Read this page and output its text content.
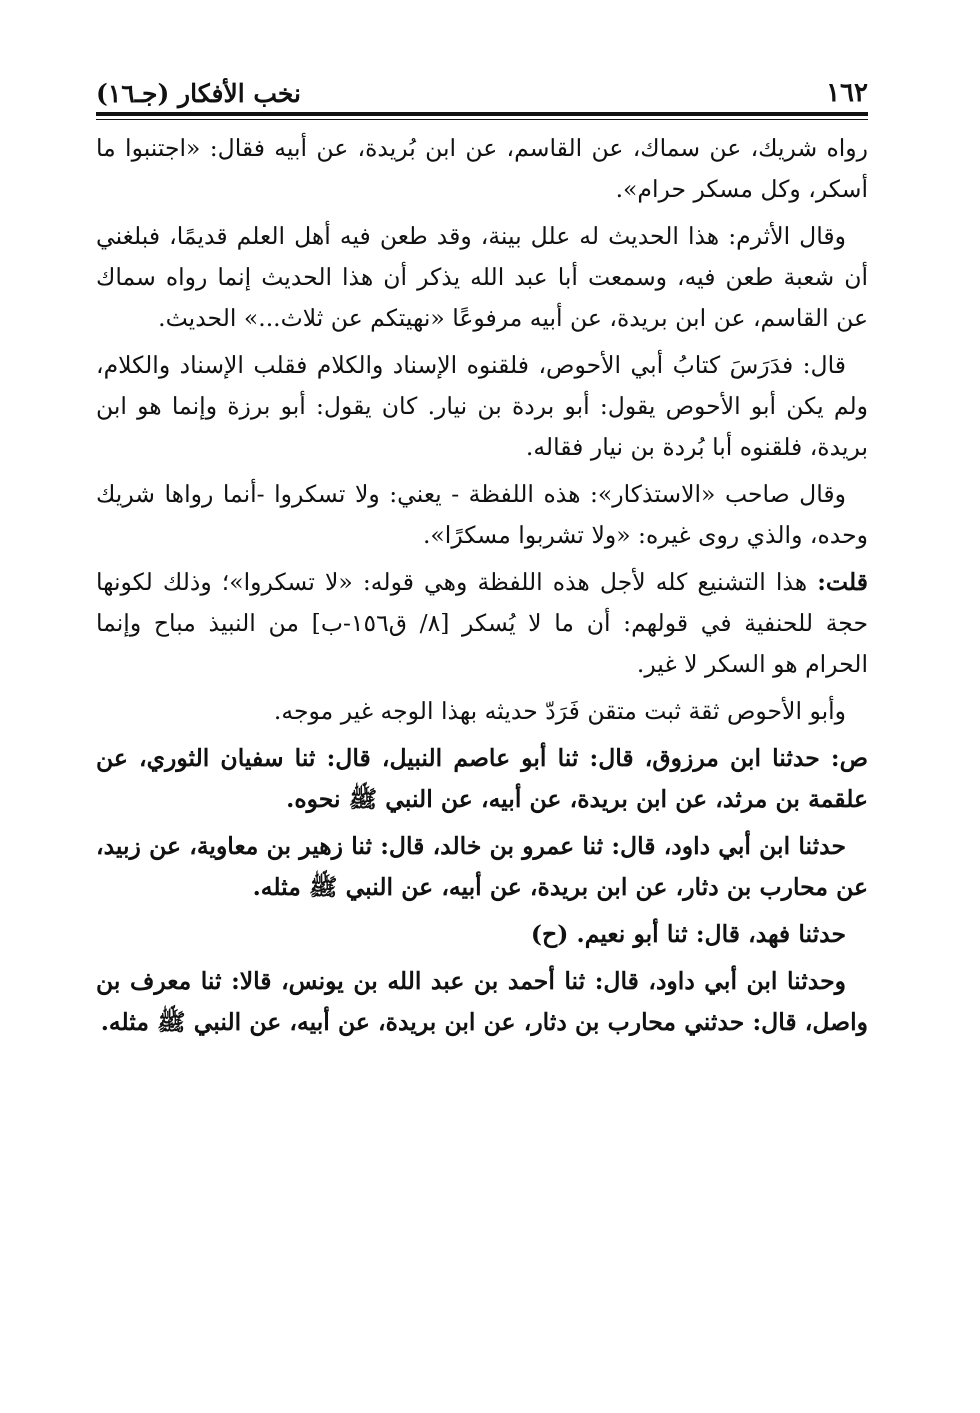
١٦٢
نخب الأفكار (جـ١٦)

رواه شريك، عن سماك، عن القاسم، عن ابن بُريدة، عن أبيه فقال: «اجتنبوا ما أسكر، وكل مسكر حرام».

وقال الأثرم: هذا الحديث له علل بينة، وقد طعن فيه أهل العلم قديمًا، فبلغني أن شعبة طعن فيه، وسمعت أبا عبد الله يذكر أن هذا الحديث إنما رواه سماك عن القاسم، عن ابن بريدة، عن أبيه مرفوعًا «نهيتكم عن ثلاث...» الحديث.

قال: فدَرَسَ كتابُ أبي الأحوص، فلقنوه الإسناد والكلام فقلب الإسناد والكلام، ولم يكن أبو الأحوص يقول: أبو بردة بن نيار. كان يقول: أبو برزة وإنما هو ابن بريدة، فلقنوه أبا بُردة بن نيار فقاله.

وقال صاحب «الاستذكار»: هذه اللفظة - يعني: ولا تسكروا -أنما رواها شريك وحده، والذي روى غيره: «ولا تشربوا مسكرًا».

قلت: هذا التشنيع كله لأجل هذه اللفظة وهي قوله: «لا تسكروا»؛ وذلك لكونها حجة للحنفية في قولهم: أن ما لا يُسكر [٨/ ق١٥٦-ب] من النبيذ مباح وإنما الحرام هو السكر لا غير.

وأبو الأحوص ثقة ثبت متقن فَرَدّ حديثه بهذا الوجه غير موجه.

ص: حدثنا ابن مرزوق، قال: ثنا أبو عاصم النبيل، قال: ثنا سفيان الثوري، عن علقمة بن مرثد، عن ابن بريدة، عن أبيه، عن النبي ﷺ نحوه.

حدثنا ابن أبي داود، قال: ثنا عمرو بن خالد، قال: ثنا زهير بن معاوية، عن زبيد، عن محارب بن دثار، عن ابن بريدة، عن أبيه، عن النبي ﷺ مثله.

حدثنا فهد، قال: ثنا أبو نعيم. (ح)

وحدثنا ابن أبي داود، قال: ثنا أحمد بن عبد الله بن يونس، قالا: ثنا معرف بن واصل، قال: حدثني محارب بن دثار، عن ابن بريدة، عن أبيه، عن النبي ﷺ مثله.
